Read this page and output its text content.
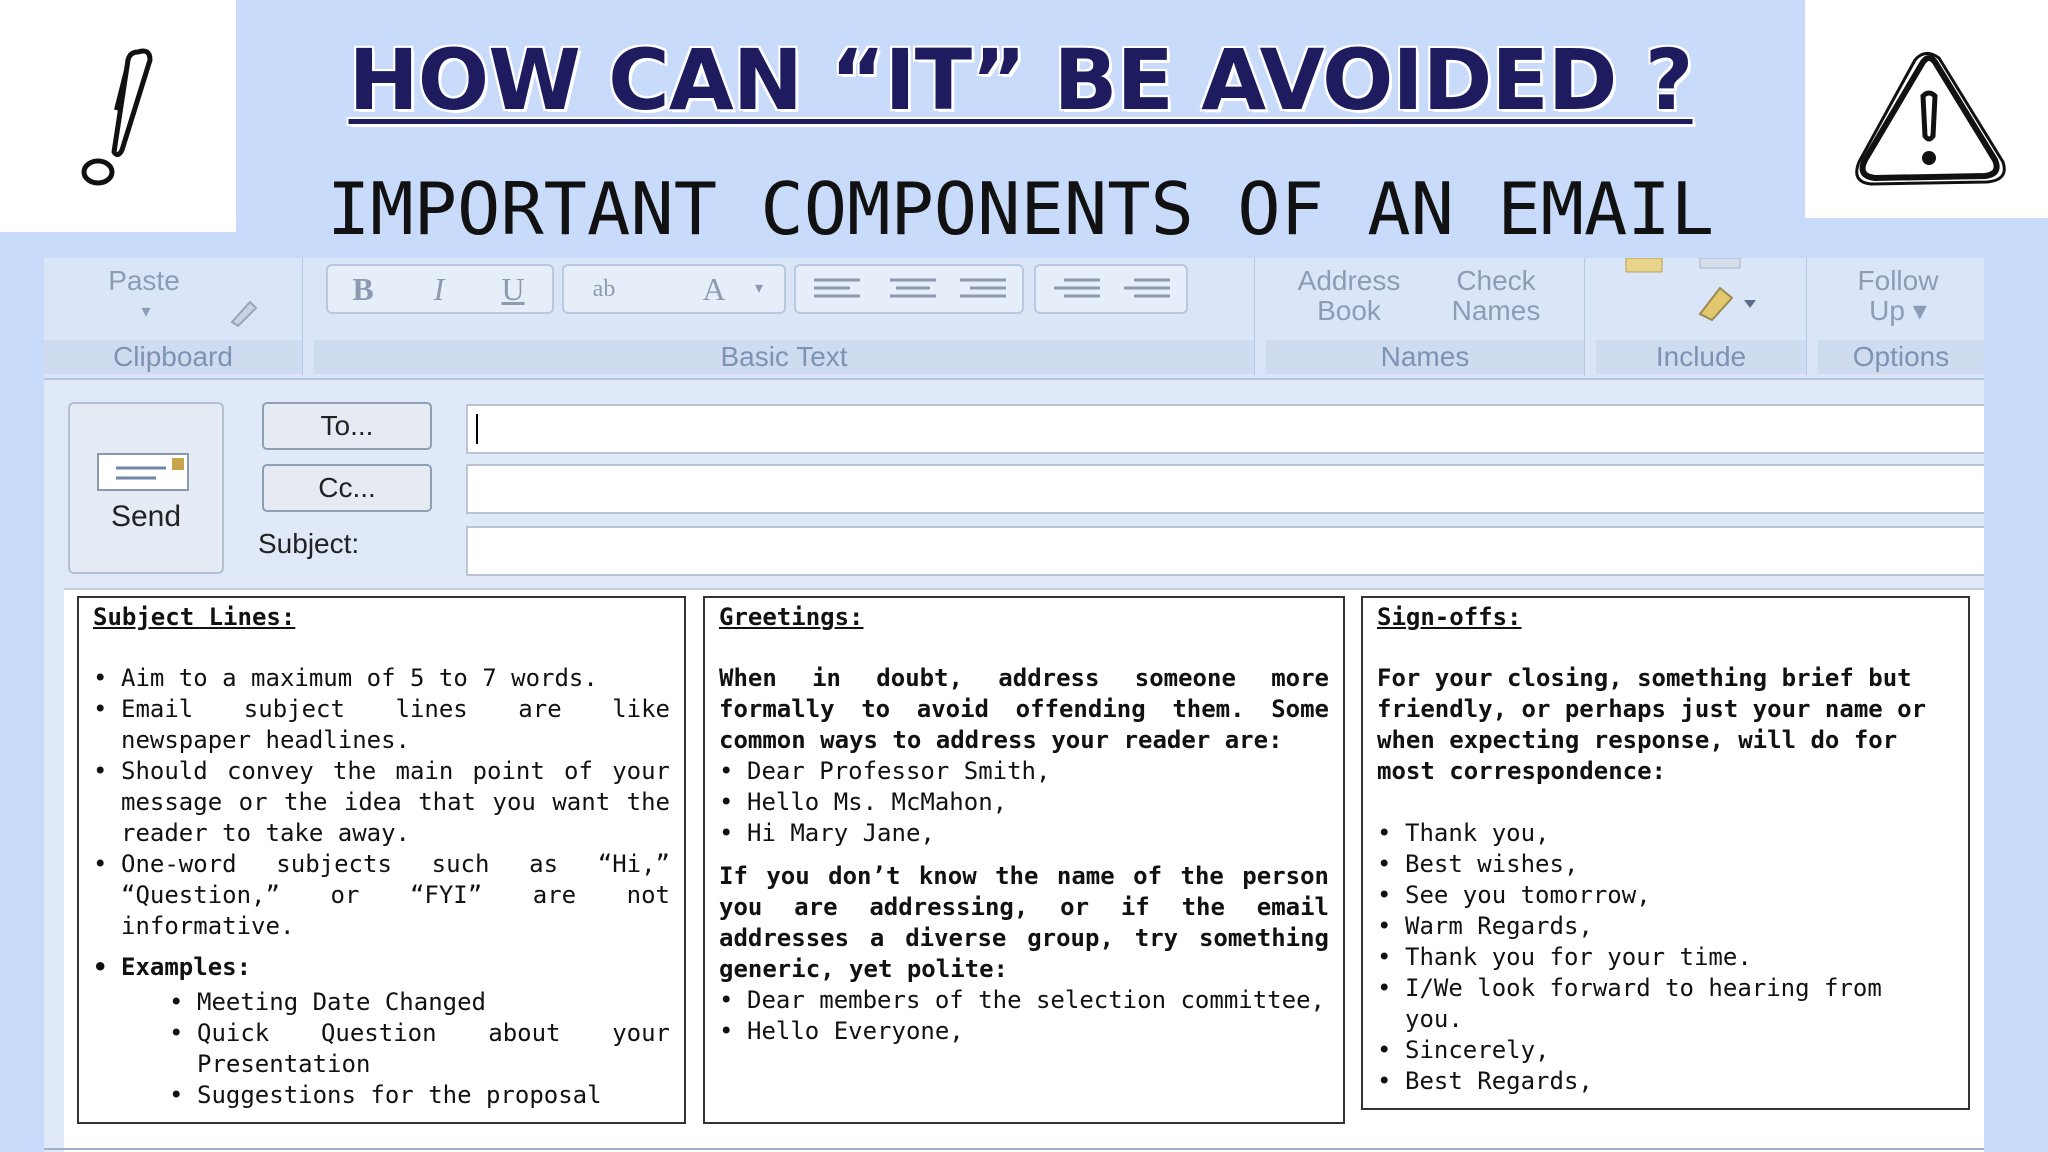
HOW CAN “IT” BE AVOIDED ?
IMPORTANT COMPONENTS OF AN EMAIL
Paste
▾
Clipboard
B	I	U	ab	A	▾
Basic Text
Address
Book
Check
Names
Names	Include
Follow
Up ▾
Options
Send
To...
Cc...
Subject:
Subject Lines:
• Aim to a maximum of 5 to 7 words.
• Email subject lines are like newspaper headlines.
• Should convey the main point of your message or the idea that you want the reader to take away.
• One-word subjects such as “Hi,” “Question,” or “FYI” are not informative.
• Examples:
• Meeting Date Changed
• Quick Question about your Presentation
• Suggestions for the proposal
Greetings:

When in doubt, address someone more formally to avoid offending them. Some common ways to address your reader are:

• Dear Professor Smith,
• Hello Ms. McMahon,
• Hi Mary Jane,

If you don’t know the name of the person you are addressing, or if the email addresses a diverse group, try something generic, yet polite:

• Dear members of the selection committee,
• Hello Everyone,
Sign-offs:

For your closing, something brief but friendly, or perhaps just your name or when expecting response, will do for most correspondence:

• Thank you,
• Best wishes,
• See you tomorrow,
• Warm Regards,
• Thank you for your time.
• I/We look forward to hearing from you.
• Sincerely,
• Best Regards,
